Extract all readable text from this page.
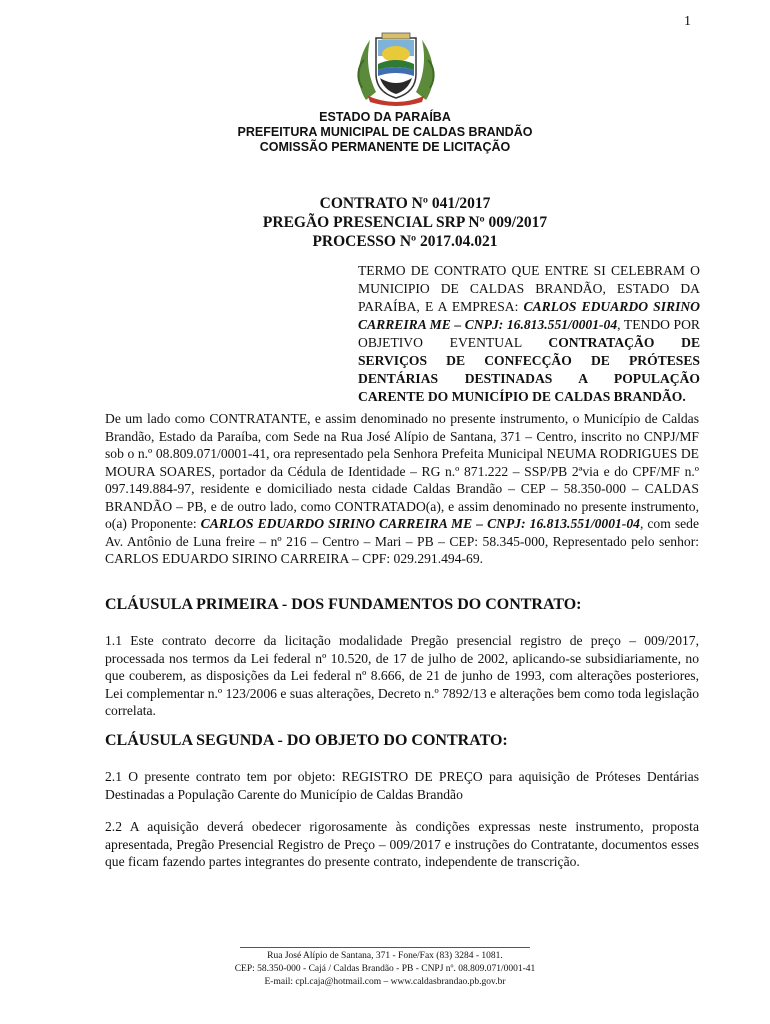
1
ESTADO DA PARAÍBA
PREFEITURA MUNICIPAL DE CALDAS BRANDÃO
COMISSÃO PERMANENTE DE LICITAÇÃO
CONTRATO Nº 041/2017
PREGÃO PRESENCIAL SRP Nº 009/2017
PROCESSO Nº 2017.04.021
TERMO DE CONTRATO QUE ENTRE SI CELEBRAM O MUNICIPIO DE CALDAS BRANDÃO, ESTADO DA PARAÍBA, E A EMPRESA: CARLOS EDUARDO SIRINO CARREIRA ME – CNPJ: 16.813.551/0001-04, TENDO POR OBJETIVO EVENTUAL CONTRATAÇÃO DE SERVIÇOS DE CONFECÇÃO DE PRÓTESES DENTÁRIAS DESTINADAS A POPULAÇÃO CARENTE DO MUNICÍPIO DE CALDAS BRANDÃO.
De um lado como CONTRATANTE, e assim denominado no presente instrumento, o Município de Caldas Brandão, Estado da Paraíba, com Sede na Rua José Alípio de Santana, 371 – Centro, inscrito no CNPJ/MF sob o n.º 08.809.071/0001-41, ora representado pela Senhora Prefeita Municipal NEUMA RODRIGUES DE MOURA SOARES, portador da Cédula de Identidade – RG n.º 871.222 – SSP/PB 2ªvia e do CPF/MF n.º 097.149.884-97, residente e domiciliado nesta cidade Caldas Brandão – CEP – 58.350-000 – CALDAS BRANDÃO – PB, e de outro lado, como CONTRATADO(a), e assim denominado no presente instrumento, o(a) Proponente: CARLOS EDUARDO SIRINO CARREIRA ME – CNPJ: 16.813.551/0001-04, com sede Av. Antônio de Luna freire – nº 216 – Centro – Mari – PB – CEP: 58.345-000, Representado pelo senhor: CARLOS EDUARDO SIRINO CARREIRA – CPF: 029.291.494-69.
CLÁUSULA PRIMEIRA - DOS FUNDAMENTOS DO CONTRATO:
1.1 Este contrato decorre da licitação modalidade Pregão presencial registro de preço – 009/2017, processada nos termos da Lei federal nº 10.520, de 17 de julho de 2002, aplicando-se subsidiariamente, no que couberem, as disposições da Lei federal nº 8.666, de 21 de junho de 1993, com alterações posteriores, Lei complementar n.º 123/2006 e suas alterações, Decreto n.º 7892/13 e alterações bem como toda legislação correlata.
CLÁUSULA SEGUNDA - DO OBJETO DO CONTRATO:
2.1 O presente contrato tem por objeto: REGISTRO DE PREÇO para aquisição de Próteses Dentárias Destinadas a População Carente do Município de Caldas Brandão
2.2 A aquisição deverá obedecer rigorosamente às condições expressas neste instrumento, proposta apresentada, Pregão Presencial Registro de Preço – 009/2017 e instruções do Contratante, documentos esses que ficam fazendo partes integrantes do presente contrato, independente de transcrição.
Rua José Alípio de Santana, 371 - Fone/Fax (83) 3284 - 1081.
CEP: 58.350-000 - Cajá / Caldas Brandão - PB - CNPJ nº. 08.809.071/0001-41
E-mail: cpl.caja@hotmail.com – www.caldasbrandao.pb.gov.br
